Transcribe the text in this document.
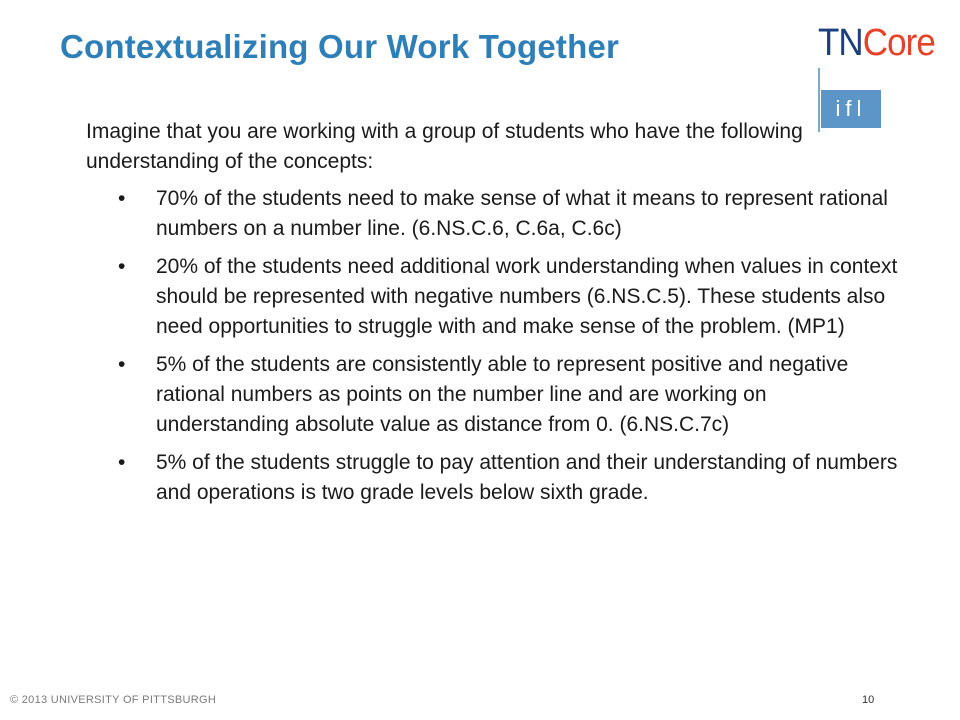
Contextualizing Our Work Together	TNCore
ifl

Imagine that you are working with a group of students who have the following understanding of the concepts:

•	70% of the students need to make sense of what it means to represent rational numbers on a number line. (6.NS.C.6, C.6a, C.6c)
•	20% of the students need additional work understanding when values in context should be represented with negative numbers (6.NS.C.5). These students also need opportunities to struggle with and make sense of the problem. (MP1)
•	5% of the students are consistently able to represent positive and negative rational numbers as points on the number line and are working on understanding absolute value as distance from 0. (6.NS.C.7c)
•	5% of the students struggle to pay attention and their understanding of numbers and operations is two grade levels below sixth grade.
© 2013 UNIVERSITY OF PITTSBURGH	10
